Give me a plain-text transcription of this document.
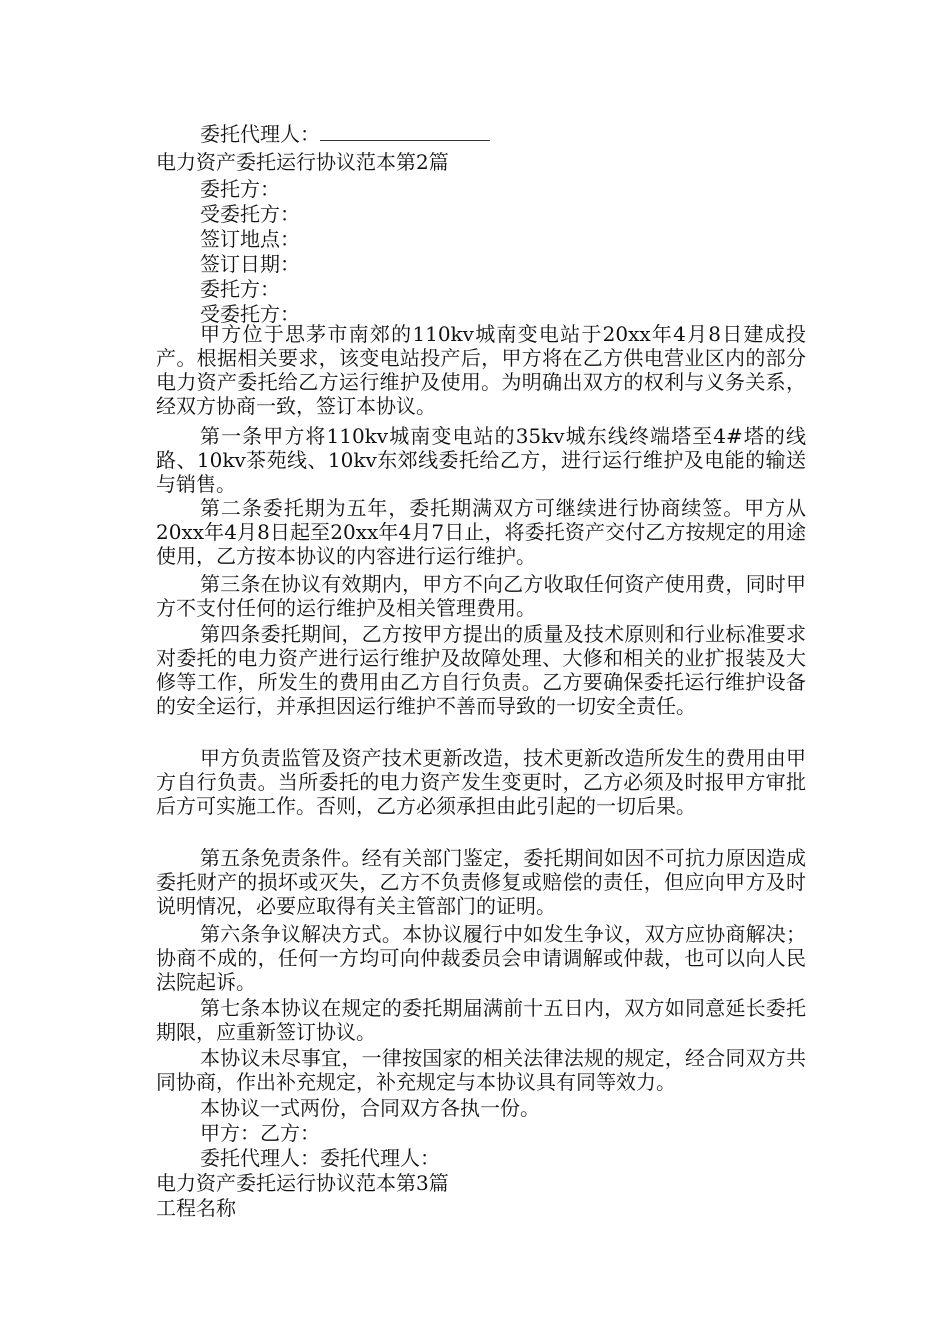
委托代理人：
电力资产委托运行协议范本第2篇
委托方：
受委托方：
签订地点：
签订日期：
委托方：
受委托方：

甲方位于思茅市南郊的110kv城南变电站于20xx年4月8日建成投产。根据相关要求，该变电站投产后，甲方将在乙方供电营业区内的部分电力资产委托给乙方运行维护及使用。为明确出双方的权利与义务关系，经双方协商一致，签订本协议。

第一条甲方将110kv城南变电站的35kv城东线终端塔至4#塔的线路、10kv茶苑线、10kv东郊线委托给乙方，进行运行维护及电能的输送与销售。

第二条委托期为五年，委托期满双方可继续进行协商续签。甲方从20xx年4月8日起至20xx年4月7日止，将委托资产交付乙方按规定的用途使用，乙方按本协议的内容进行运行维护。

第三条在协议有效期内，甲方不向乙方收取任何资产使用费，同时甲方不支付任何的运行维护及相关管理费用。

第四条委托期间，乙方按甲方提出的质量及技术原则和行业标准要求对委托的电力资产进行运行维护及故障处理、大修和相关的业扩报装及大修等工作，所发生的费用由乙方自行负责。乙方要确保委托运行维护设备的安全运行，并承担因运行维护不善而导致的一切安全责任。

甲方负责监管及资产技术更新改造，技术更新改造所发生的费用由甲方自行负责。当所委托的电力资产发生变更时，乙方必须及时报甲方审批后方可实施工作。否则，乙方必须承担由此引起的一切后果。

第五条免责条件。经有关部门鉴定，委托期间如因不可抗力原因造成委托财产的损坏或灭失，乙方不负责修复或赔偿的责任，但应向甲方及时说明情况，必要应取得有关主管部门的证明。

第六条争议解决方式。本协议履行中如发生争议，双方应协商解决；协商不成的，任何一方均可向仲裁委员会申请调解或仲裁，也可以向人民法院起诉。

第七条本协议在规定的委托期届满前十五日内，双方如同意延长委托期限，应重新签订协议。

本协议未尽事宜，一律按国家的相关法律法规的规定，经合同双方共同协商，作出补充规定，补充规定与本协议具有同等效力。

本协议一式两份，合同双方各执一份。

甲方：乙方：
委托代理人：委托代理人：
电力资产委托运行协议范本第3篇
工程名称
